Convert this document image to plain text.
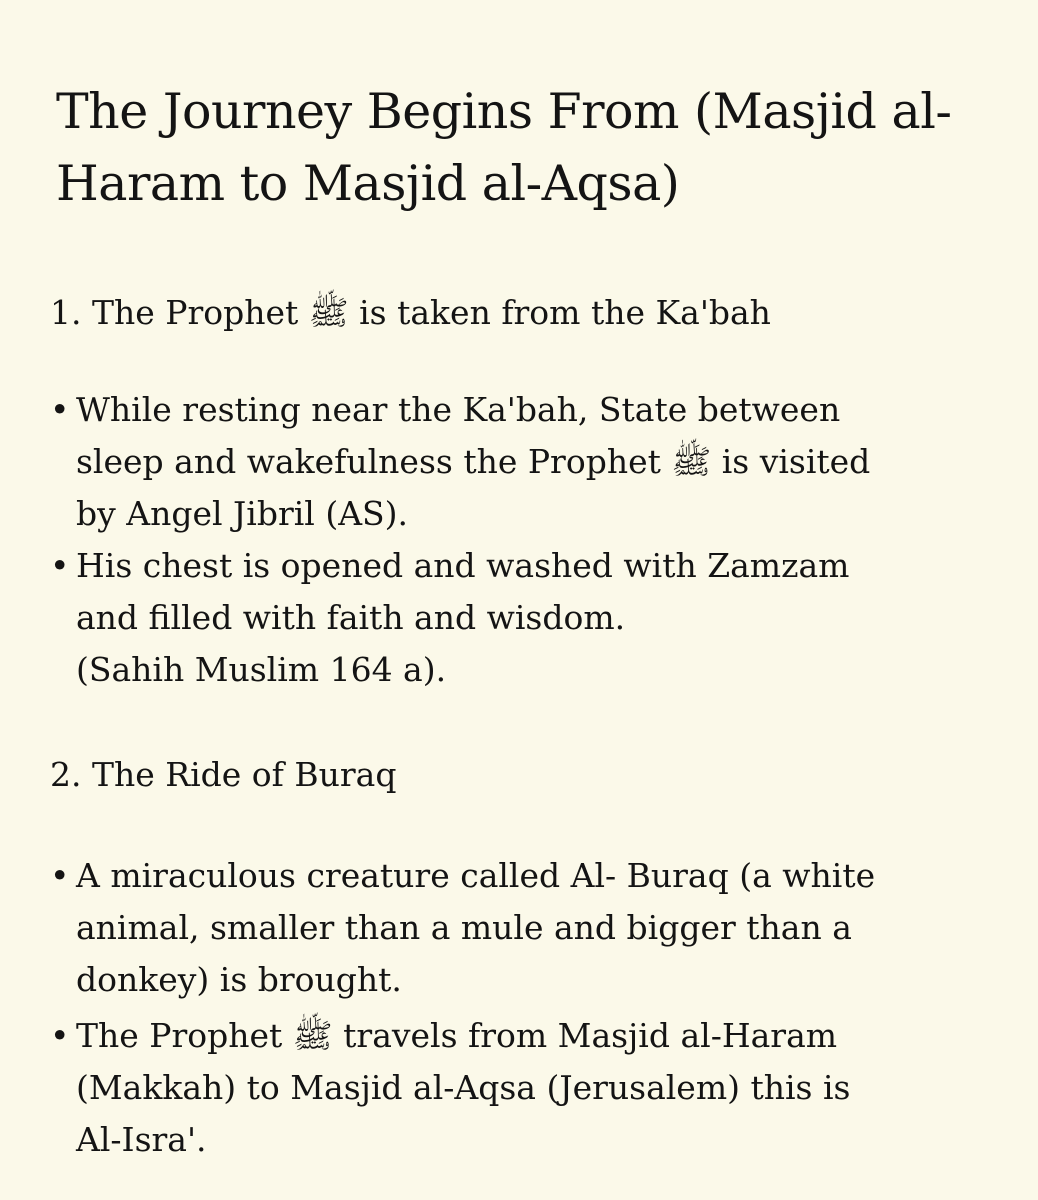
The Journey Begins From (Masjid al-Haram to Masjid al-Aqsa)

1. The Prophet ﷺ is taken from the Ka'bah

• While resting near the Ka'bah, State between
sleep and wakefulness the Prophet ﷺ is visited
by Angel Jibril (AS).
• His chest is opened and washed with Zamzam
and filled with faith and wisdom.
(Sahih Muslim 164 a).

2. The Ride of Buraq

• A miraculous creature called Al- Buraq (a white
animal, smaller than a mule and bigger than a
donkey) is brought.
• The Prophet ﷺ travels from Masjid al-Haram
(Makkah) to Masjid al-Aqsa (Jerusalem) this is
Al-Isra'.
